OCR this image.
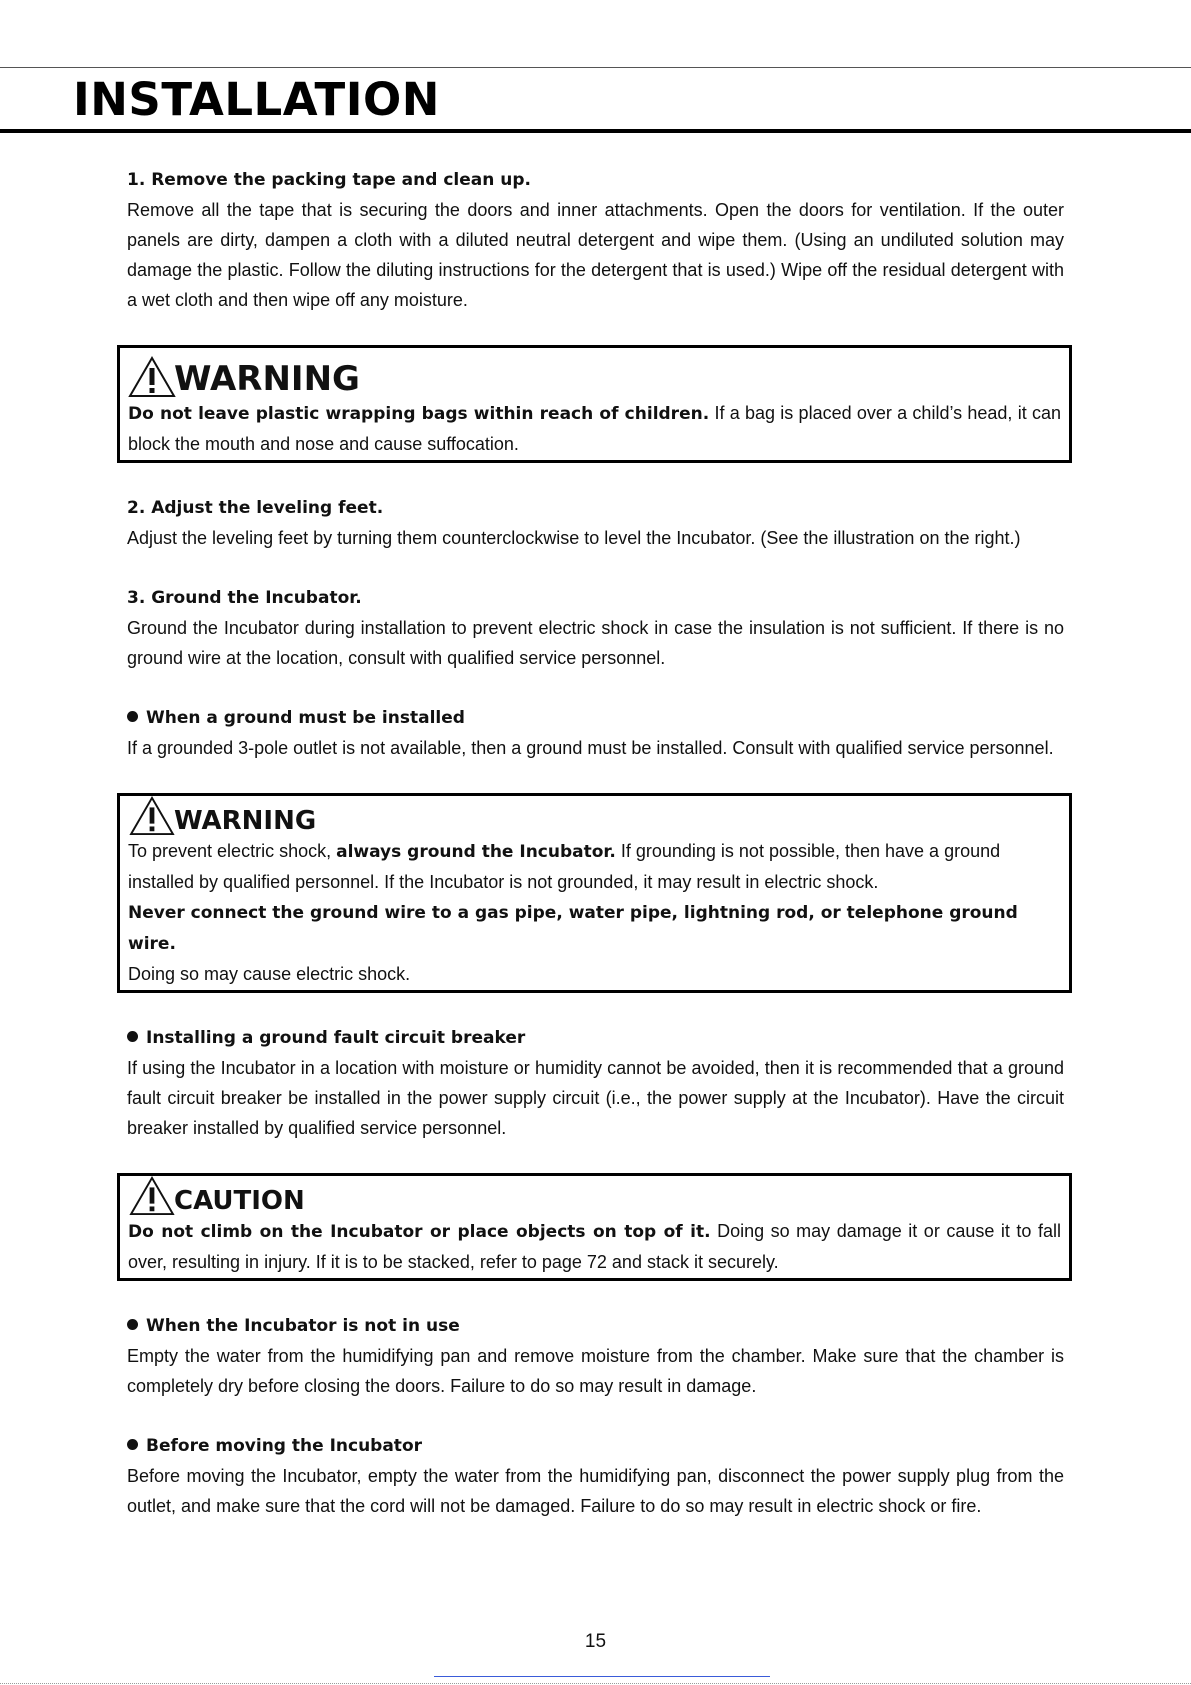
INSTALLATION

1. Remove the packing tape and clean up.

Remove all the tape that is securing the doors and inner attachments. Open the doors for ventilation. If the outer panels are dirty, dampen a cloth with a diluted neutral detergent and wipe them. (Using an undiluted solution may damage the plastic. Follow the diluting instructions for the detergent that is used.) Wipe off the residual detergent with a wet cloth and then wipe off any moisture.

WARNING

Do not leave plastic wrapping bags within reach of children. If a bag is placed over a child’s head, it can block the mouth and nose and cause suffocation.

2. Adjust the leveling feet.

Adjust the leveling feet by turning them counterclockwise to level the Incubator. (See the illustration on the right.)

3. Ground the Incubator.

Ground the Incubator during installation to prevent electric shock in case the insulation is not sufficient. If there is no ground wire at the location, consult with qualified service personnel.

When a ground must be installed

If a grounded 3-pole outlet is not available, then a ground must be installed. Consult with qualified service personnel.

WARNING

To prevent electric shock, always ground the Incubator. If grounding is not possible, then have a ground installed by qualified personnel. If the Incubator is not grounded, it may result in electric shock.

Never connect the ground wire to a gas pipe, water pipe, lightning rod, or telephone ground wire.

Doing so may cause electric shock.

Installing a ground fault circuit breaker

If using the Incubator in a location with moisture or humidity cannot be avoided, then it is recommended that a ground fault circuit breaker be installed in the power supply circuit (i.e., the power supply at the Incubator). Have the circuit breaker installed by qualified service personnel.

CAUTION

Do not climb on the Incubator or place objects on top of it. Doing so may damage it or cause it to fall over, resulting in injury. If it is to be stacked, refer to page 72 and stack it securely.

When the Incubator is not in use

Empty the water from the humidifying pan and remove moisture from the chamber. Make sure that the chamber is completely dry before closing the doors. Failure to do so may result in damage.

Before moving the Incubator

Before moving the Incubator, empty the water from the humidifying pan, disconnect the power supply plug from the outlet, and make sure that the cord will not be damaged. Failure to do so may result in electric shock or fire.

15
